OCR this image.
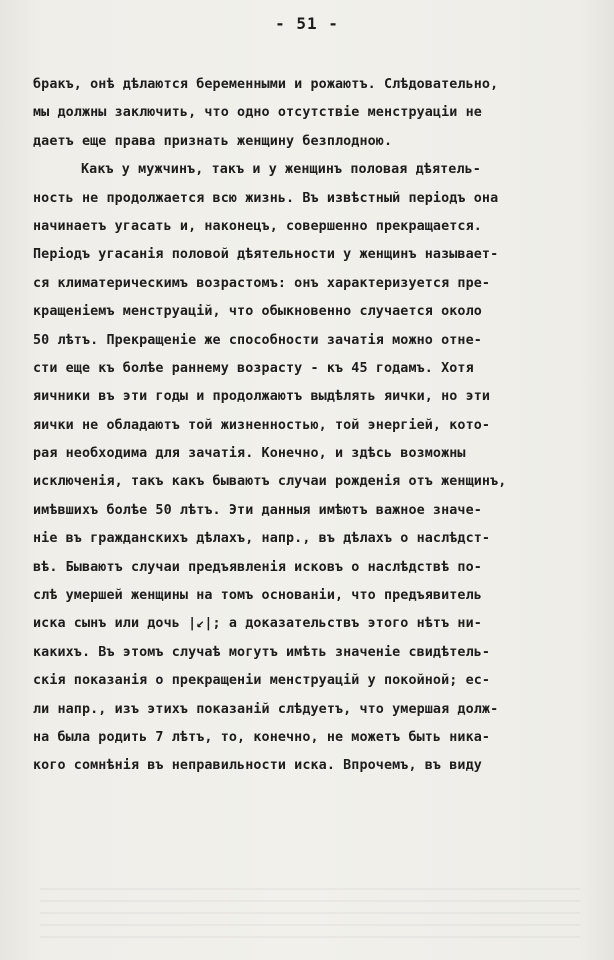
- 51 -
бракъ, онѣ дѣлаются беременными и рожаютъ. Слѣдовательно,
мы должны заключить, что одно отсутствіе менструаціи не
даетъ еще права признать женщину безплодною.
Какъ у мужчинъ, такъ и у женщинъ половая дѣятель-
ность не продолжается всю жизнь. Въ извѣстный періодъ она
начинаетъ угасать и, наконецъ, совершенно прекращается.
Періодъ угасанія половой дѣятельности у женщинъ называет-
ся климатерическимъ возрастомъ: онъ характеризуется пре-
кращеніемъ менструацій, что обыкновенно случается около
50 лѣтъ. Прекращеніе же способности зачатія можно отне-
сти еще къ болѣе раннему возрасту - къ 45 годамъ. Хотя
яичники въ эти годы и продолжаютъ выдѣлять яички, но эти
яички не обладаютъ той жизненностью, той энергіей, кото-
рая необходима для зачатія. Конечно, и здѣсь возможны
исключенія, такъ какъ бываютъ случаи рожденія отъ женщинъ,
имѣвшихъ болѣе 50 лѣтъ. Эти данныя имѣютъ важное значе-
ніе въ гражданскихъ дѣлахъ, напр., въ дѣлахъ о наслѣдст-
вѣ. Бываютъ случаи предъявленія исковъ о наслѣдствѣ по-
слѣ умершей женщины на томъ основаніи, что предъявитель
иска сынъ или дочь |↙|; а доказательствъ этого нѣтъ ни-
какихъ. Въ этомъ случаѣ могутъ имѣть значеніе свидѣтель-
скія показанія о прекращеніи менструацій у покойной; ес-
ли напр., изъ этихъ показаній слѣдуетъ, что умершая долж-
на была родить 7 лѣтъ, то, конечно, не можетъ быть ника-
кого сомнѣнія въ неправильности иска. Впрочемъ, въ виду
